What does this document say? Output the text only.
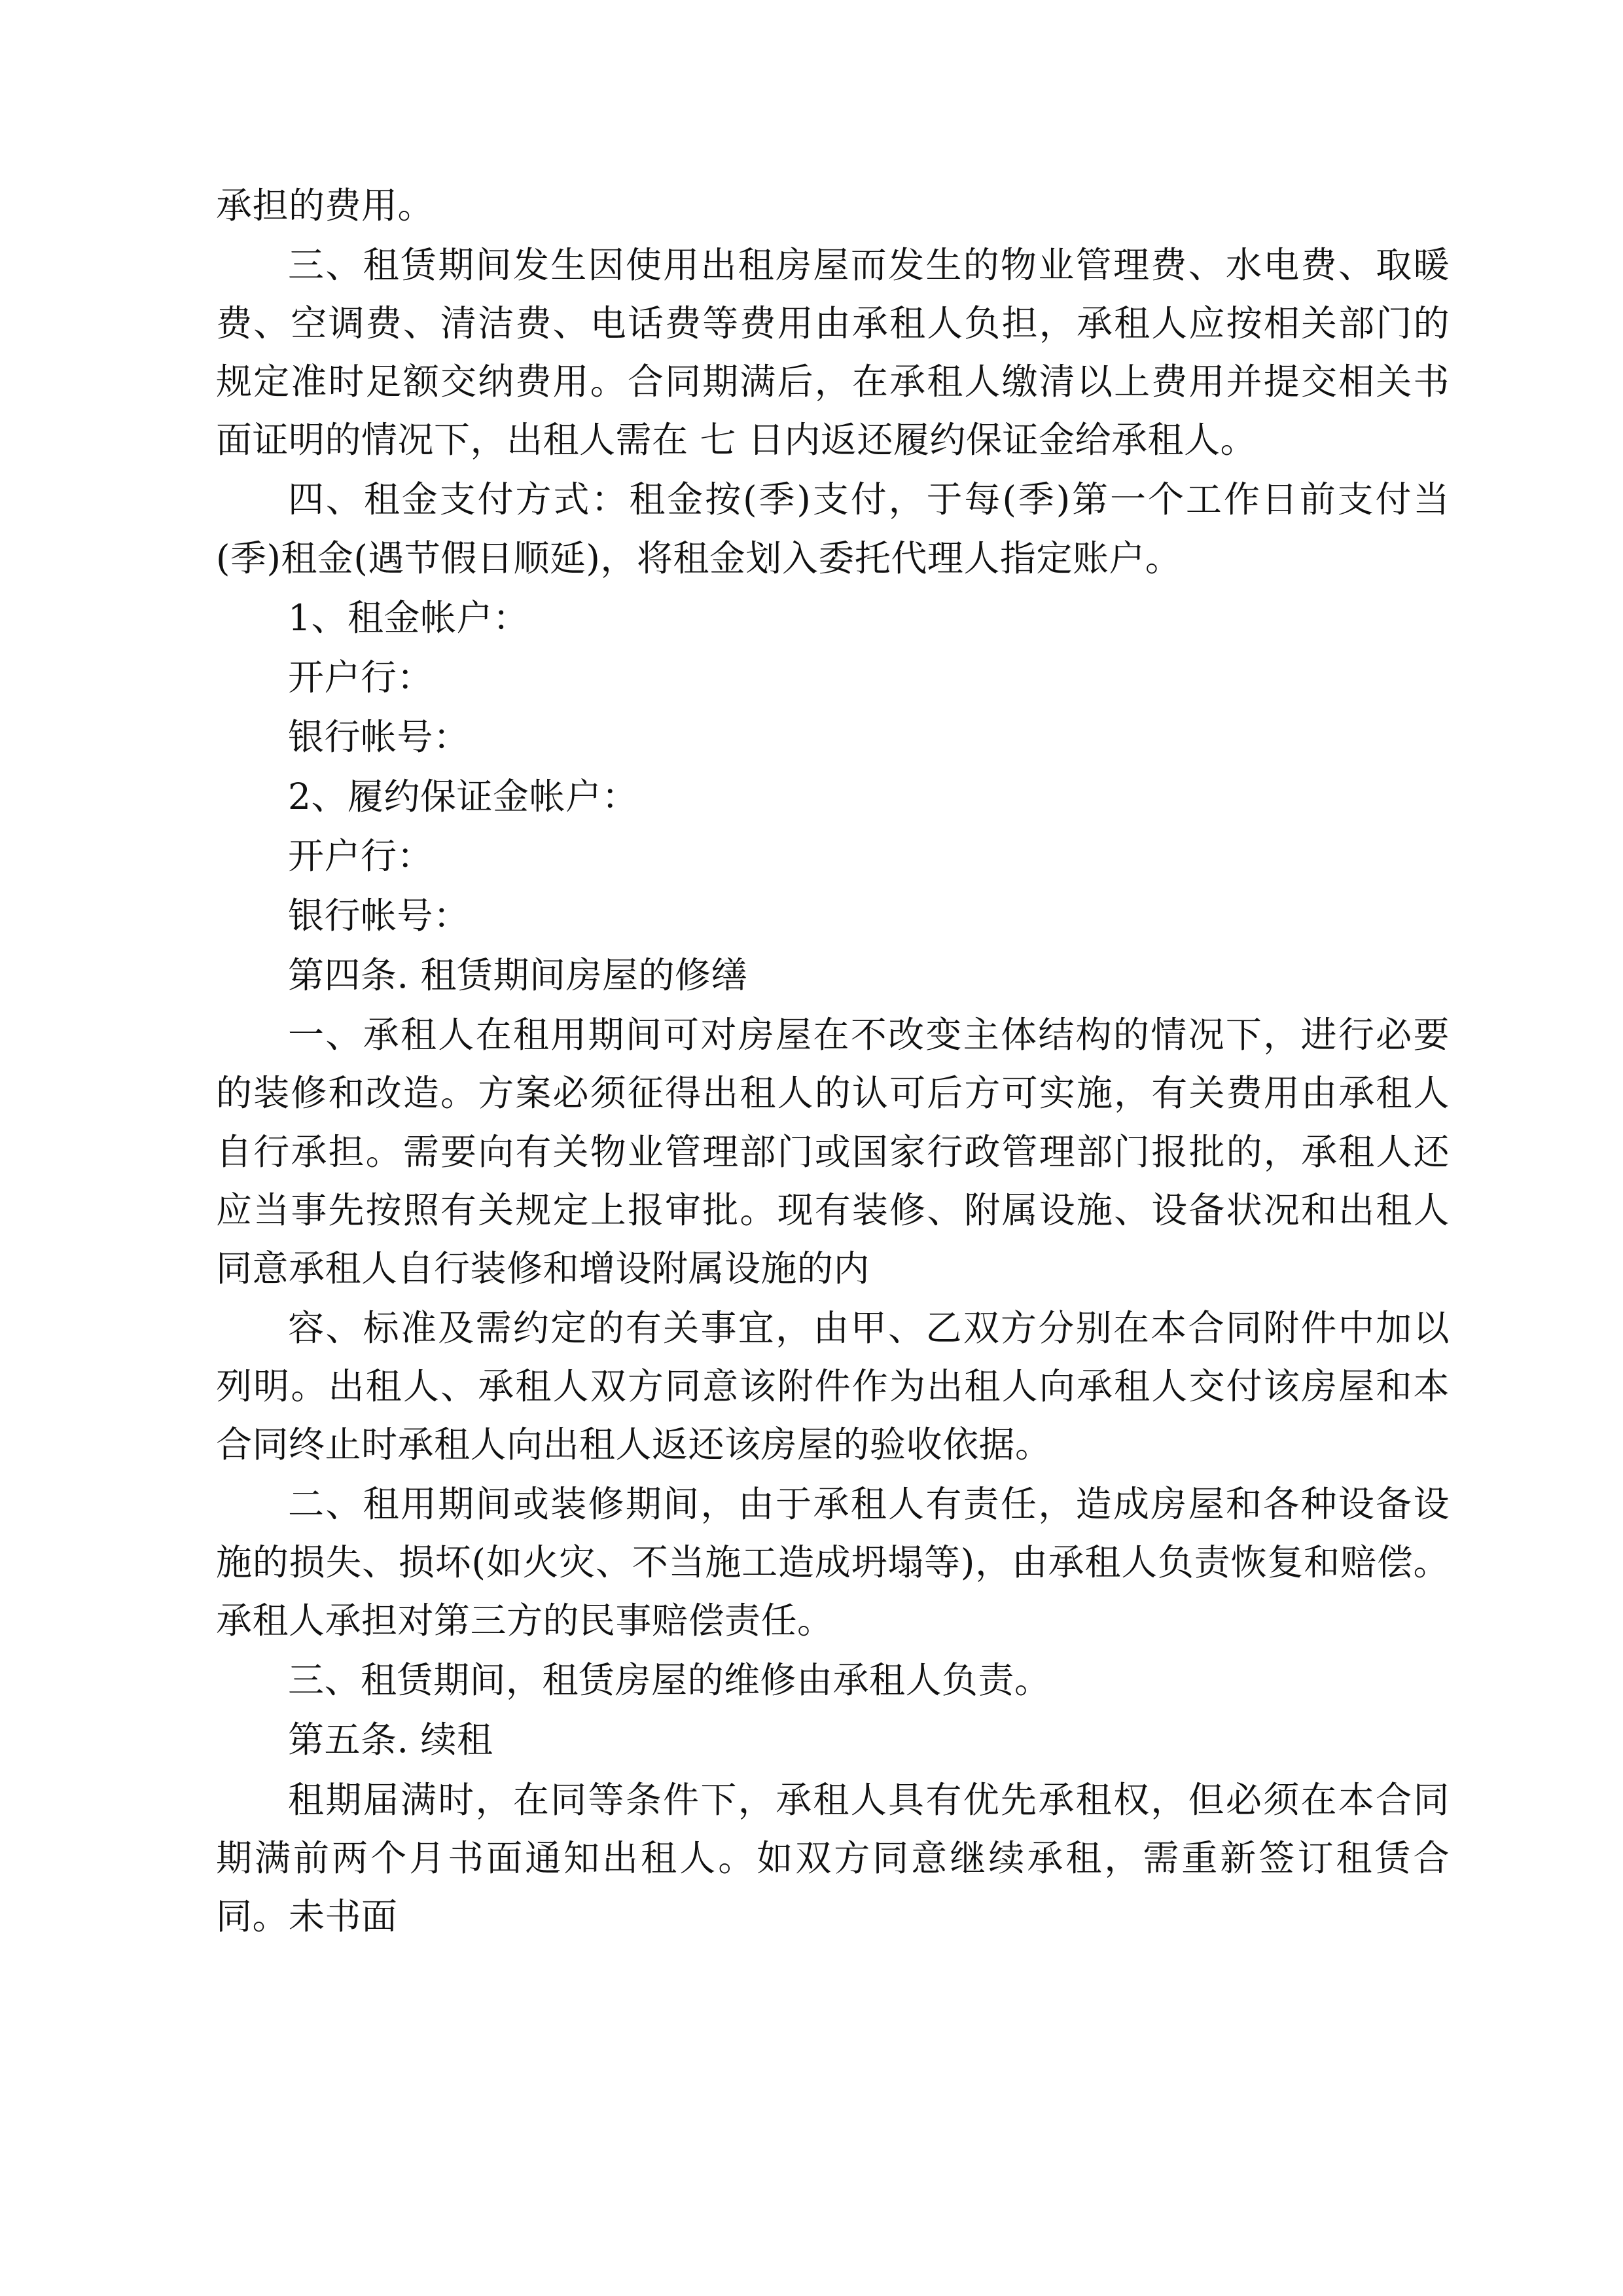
承担的费用。

三、租赁期间发生因使用出租房屋而发生的物业管理费、水电费、取暖费、空调费、清洁费、电话费等费用由承租人负担，承租人应按相关部门的规定准时足额交纳费用。合同期满后，在承租人缴清以上费用并提交相关书面证明的情况下，出租人需在 七 日内返还履约保证金给承租人。

四、租金支付方式：租金按(季)支付，于每(季)第一个工作日前支付当(季)租金(遇节假日顺延)，将租金划入委托代理人指定账户。

1、租金帐户：

开户行：

银行帐号：

2、履约保证金帐户：

开户行：

银行帐号：

第四条. 租赁期间房屋的修缮

一、承租人在租用期间可对房屋在不改变主体结构的情况下，进行必要的装修和改造。方案必须征得出租人的认可后方可实施，有关费用由承租人自行承担。需要向有关物业管理部门或国家行政管理部门报批的，承租人还应当事先按照有关规定上报审批。现有装修、附属设施、设备状况和出租人同意承租人自行装修和增设附属设施的内

容、标准及需约定的有关事宜，由甲、乙双方分别在本合同附件中加以列明。出租人、承租人双方同意该附件作为出租人向承租人交付该房屋和本合同终止时承租人向出租人返还该房屋的验收依据。

二、租用期间或装修期间，由于承租人有责任，造成房屋和各种设备设施的损失、损坏(如火灾、不当施工造成坍塌等)，由承租人负责恢复和赔偿。承租人承担对第三方的民事赔偿责任。

三、租赁期间，租赁房屋的维修由承租人负责。

第五条. 续租

租期届满时，在同等条件下，承租人具有优先承租权，但必须在本合同期满前两个月书面通知出租人。如双方同意继续承租，需重新签订租赁合同。未书面
